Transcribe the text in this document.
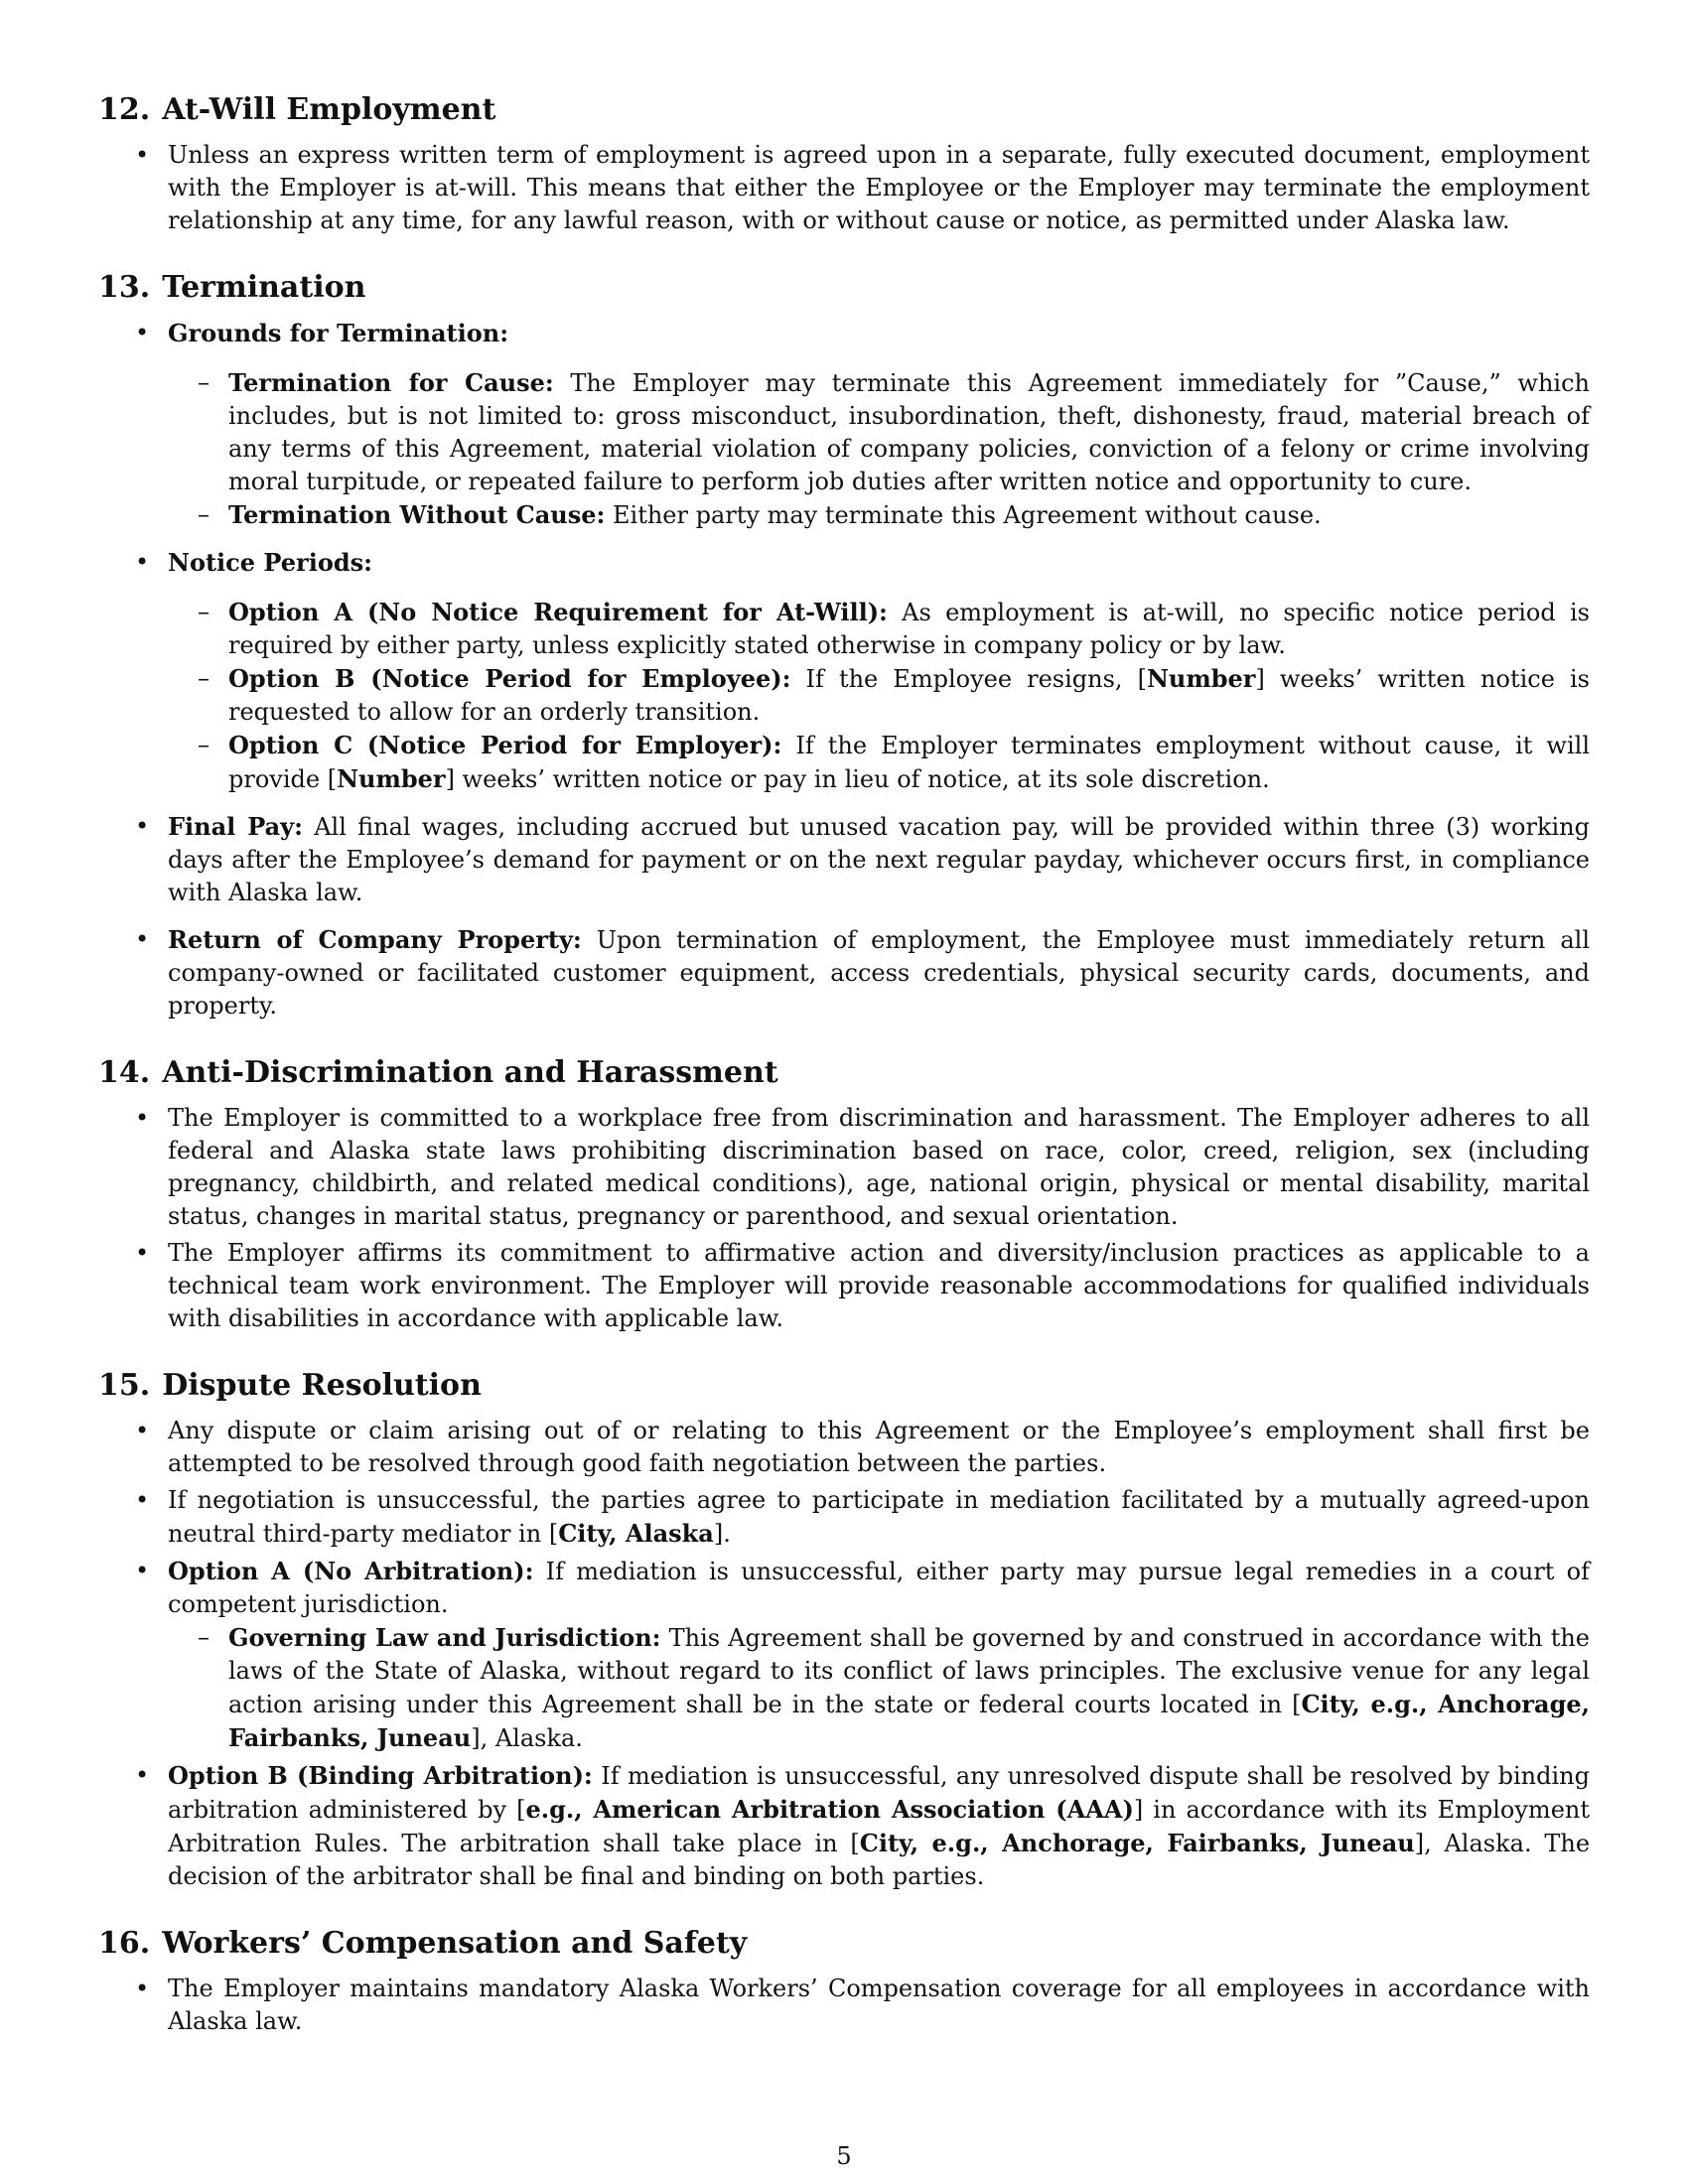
12. At-Will Employment
• Unless an express written term of employment is agreed upon in a separate, fully executed document, employment with the Employer is at-will. This means that either the Employee or the Employer may terminate the employment relationship at any time, for any lawful reason, with or without cause or notice, as permitted under Alaska law.
13. Termination
• Grounds for Termination:
– Termination for Cause: The Employer may terminate this Agreement immediately for ”Cause,” which includes, but is not limited to: gross misconduct, insubordination, theft, dishonesty, fraud, material breach of any terms of this Agreement, material violation of company policies, conviction of a felony or crime involving moral turpitude, or repeated failure to perform job duties after written notice and opportunity to cure.
– Termination Without Cause: Either party may terminate this Agreement without cause.
• Notice Periods:
– Option A (No Notice Requirement for At-Will): As employment is at-will, no specific notice period is required by either party, unless explicitly stated otherwise in company policy or by law.
– Option B (Notice Period for Employee): If the Employee resigns, [Number] weeks’ written notice is requested to allow for an orderly transition.
– Option C (Notice Period for Employer): If the Employer terminates employment without cause, it will provide [Number] weeks’ written notice or pay in lieu of notice, at its sole discretion.
• Final Pay: All final wages, including accrued but unused vacation pay, will be provided within three (3) working days after the Employee’s demand for payment or on the next regular payday, whichever occurs first, in compliance with Alaska law.
• Return of Company Property: Upon termination of employment, the Employee must immediately return all company-owned or facilitated customer equipment, access credentials, physical security cards, documents, and property.
14. Anti-Discrimination and Harassment
• The Employer is committed to a workplace free from discrimination and harassment. The Employer adheres to all federal and Alaska state laws prohibiting discrimination based on race, color, creed, religion, sex (including pregnancy, childbirth, and related medical conditions), age, national origin, physical or mental disability, marital status, changes in marital status, pregnancy or parenthood, and sexual orientation.
• The Employer affirms its commitment to affirmative action and diversity/inclusion practices as applicable to a technical team work environment. The Employer will provide reasonable accommodations for qualified individuals with disabilities in accordance with applicable law.
15. Dispute Resolution
• Any dispute or claim arising out of or relating to this Agreement or the Employee’s employment shall first be attempted to be resolved through good faith negotiation between the parties.
• If negotiation is unsuccessful, the parties agree to participate in mediation facilitated by a mutually agreed-upon neutral third-party mediator in [City, Alaska].
• Option A (No Arbitration): If mediation is unsuccessful, either party may pursue legal remedies in a court of competent jurisdiction.
– Governing Law and Jurisdiction: This Agreement shall be governed by and construed in accordance with the laws of the State of Alaska, without regard to its conflict of laws principles. The exclusive venue for any legal action arising under this Agreement shall be in the state or federal courts located in [City, e.g., Anchorage, Fairbanks, Juneau], Alaska.
• Option B (Binding Arbitration): If mediation is unsuccessful, any unresolved dispute shall be resolved by binding arbitration administered by [e.g., American Arbitration Association (AAA)] in accordance with its Employment Arbitration Rules. The arbitration shall take place in [City, e.g., Anchorage, Fairbanks, Juneau], Alaska. The decision of the arbitrator shall be final and binding on both parties.
16. Workers’ Compensation and Safety
• The Employer maintains mandatory Alaska Workers’ Compensation coverage for all employees in accordance with Alaska law.
5
